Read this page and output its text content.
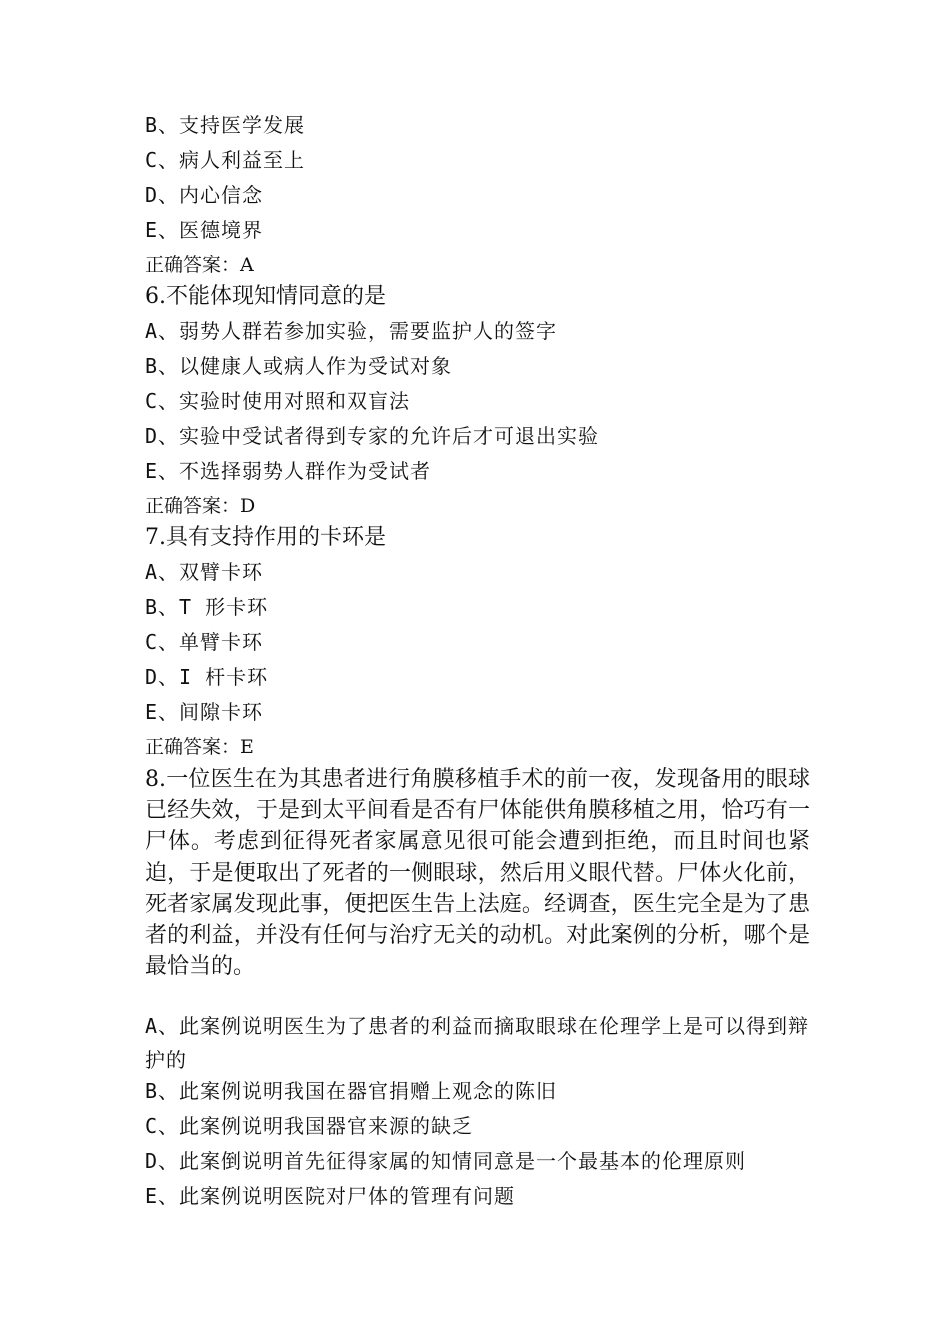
B、支持医学发展
C、病人利益至上
D、内心信念
E、医德境界
正确答案：A
6.不能体现知情同意的是
A、弱势人群若参加实验，需要监护人的签字
B、以健康人或病人作为受试对象
C、实验时使用对照和双盲法
D、实验中受试者得到专家的允许后才可退出实验
E、不选择弱势人群作为受试者
正确答案：D
7.具有支持作用的卡环是
A、双臂卡环
B、T 形卡环
C、单臂卡环
D、I 杆卡环
E、间隙卡环
正确答案：E

8.一位医生在为其患者进行角膜移植手术的前一夜，发现备用的眼球已经失效，于是到太平间看是否有尸体能供角膜移植之用，恰巧有一尸体。考虑到征得死者家属意见很可能会遭到拒绝，而且时间也紧迫，于是便取出了死者的一侧眼球，然后用义眼代替。尸体火化前，死者家属发现此事，便把医生告上法庭。经调查，医生完全是为了患者的利益，并没有任何与治疗无关的动机。对此案例的分析，哪个是最恰当的。

A、此案例说明医生为了患者的利益而摘取眼球在伦理学上是可以得到辩护的

B、此案例说明我国在器官捐赠上观念的陈旧
C、此案例说明我国器官来源的缺乏
D、此案倒说明首先征得家属的知情同意是一个最基本的伦理原则
E、此案例说明医院对尸体的管理有问题
